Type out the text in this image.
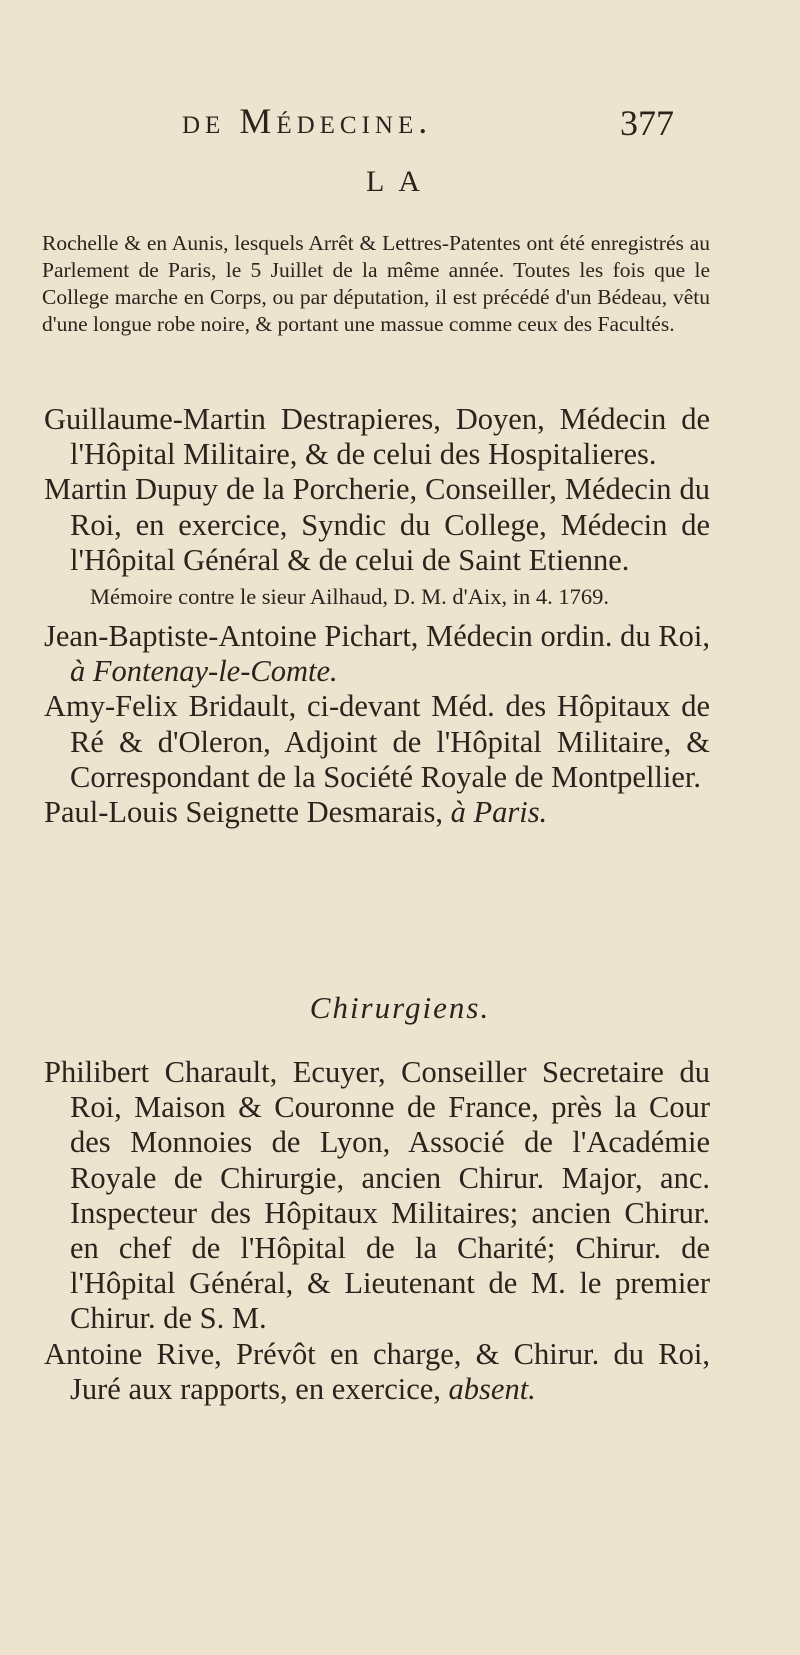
de Médecine.	377
LA

Rochelle & en Aunis, lesquels Arrêt & Lettres-Patentes ont été enregistrés au Parlement de Paris, le 5 Juillet de la même année. Toutes les fois que le College marche en Corps, ou par députation, il est précédé d'un Bédeau, vêtu d'une longue robe noire, & portant une massue comme ceux des Facultés.

Guillaume-Martin Destrapieres, Doyen, Médecin de l'Hôpital Militaire, & de celui des Hospitalieres.

Martin Dupuy de la Porcherie, Conseiller, Médecin du Roi, en exercice, Syndic du College, Médecin de l'Hôpital Général & de celui de Saint Etienne.

Mémoire contre le sieur Ailhaud, D. M. d'Aix, in 4. 1769.

Jean-Baptiste-Antoine Pichart, Médecin ordin. du Roi, à Fontenay-le-Comte.

Amy-Felix Bridault, ci-devant Méd. des Hôpitaux de Ré & d'Oleron, Adjoint de l'Hôpital Militaire, & Correspondant de la Société Royale de Montpellier.

Paul-Louis Seignette Desmarais, à Paris.

Chirurgiens.

Philibert Charault, Ecuyer, Conseiller Secretaire du Roi, Maison & Couronne de France, près la Cour des Monnoies de Lyon, Associé de l'Académie Royale de Chirurgie, ancien Chirur. Major, anc. Inspecteur des Hôpitaux Militaires; ancien Chirur. en chef de l'Hôpital de la Charité; Chirur. de l'Hôpital Général, & Lieutenant de M. le premier Chirur. de S. M.

Antoine Rive, Prévôt en charge, & Chirur. du Roi, Juré aux rapports, en exercice, absent.
